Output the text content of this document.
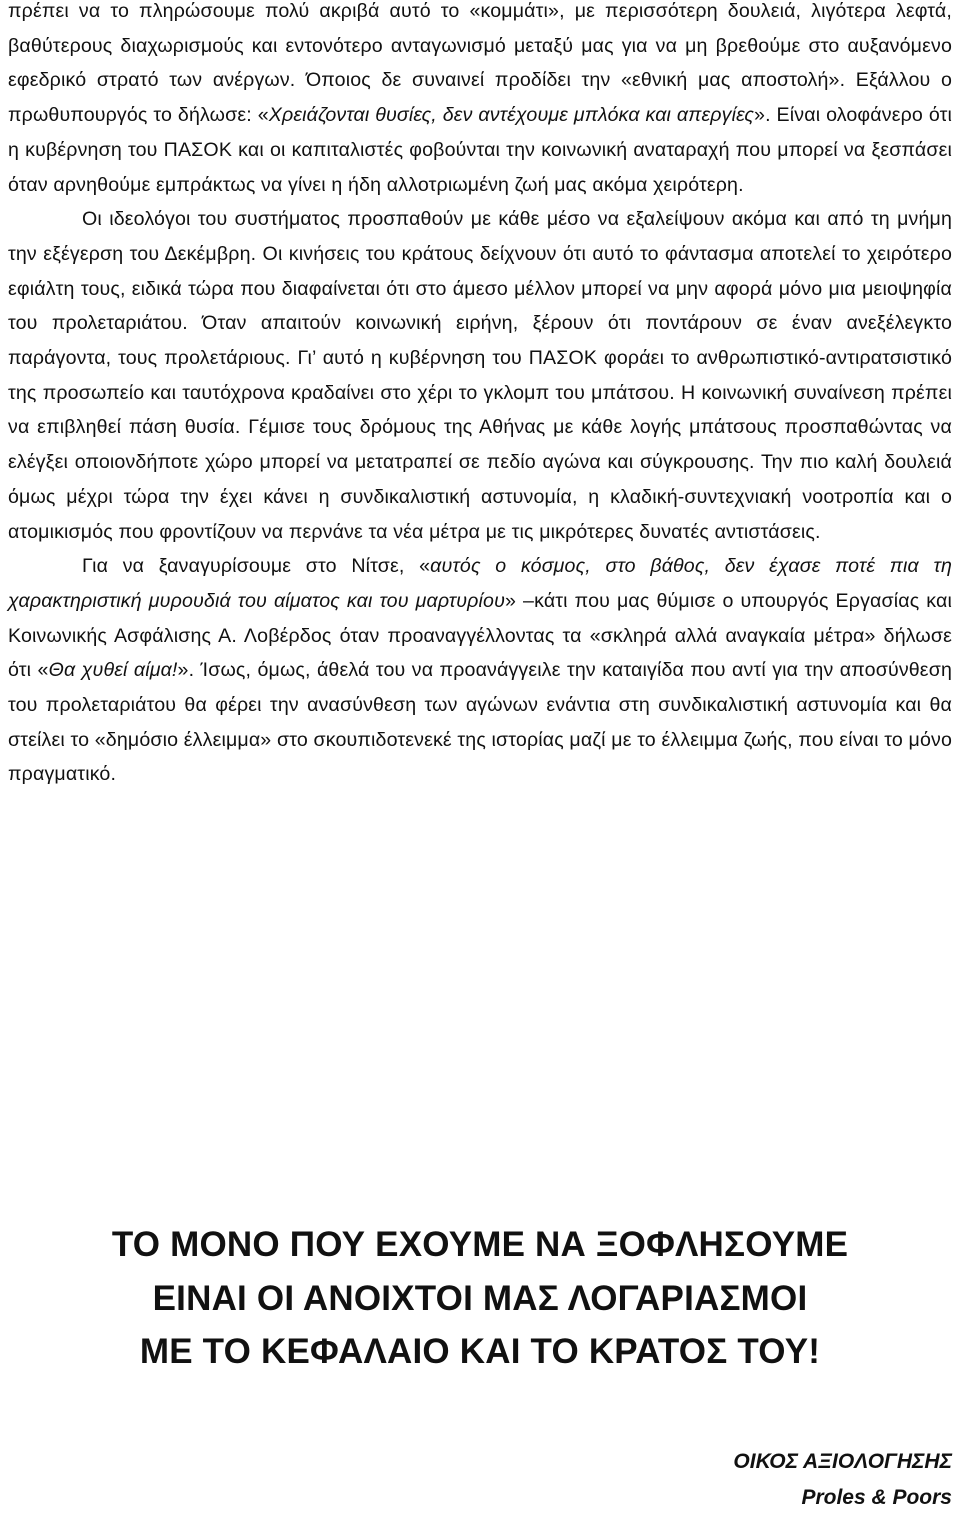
πρέπει να το πληρώσουμε πολύ ακριβά αυτό το «κομμάτι», με περισσότερη δουλειά, λιγότερα λεφτά, βαθύτερους διαχωρισμούς και εντονότερο ανταγωνισμό μεταξύ μας για να μη βρεθούμε στο αυξανόμενο εφεδρικό στρατό των ανέργων. Όποιος δε συναινεί προδίδει την «εθνική μας αποστολή». Εξάλλου ο πρωθυπουργός το δήλωσε: «Χρειάζονται θυσίες, δεν αντέχουμε μπλόκα και απεργίες». Είναι ολοφάνερο ότι η κυβέρνηση του ΠΑΣΟΚ και οι καπιταλιστές φοβούνται την κοινωνική αναταραχή που μπορεί να ξεσπάσει όταν αρνηθούμε εμπράκτως να γίνει η ήδη αλλοτριωμένη ζωή μας ακόμα χειρότερη.

Οι ιδεολόγοι του συστήματος προσπαθούν με κάθε μέσο να εξαλείψουν ακόμα και από τη μνήμη την εξέγερση του Δεκέμβρη. Οι κινήσεις του κράτους δείχνουν ότι αυτό το φάντασμα αποτελεί το χειρότερο εφιάλτη τους, ειδικά τώρα που διαφαίνεται ότι στο άμεσο μέλλον μπορεί να μην αφορά μόνο μια μειοψηφία του προλεταριάτου. Όταν απαιτούν κοινωνική ειρήνη, ξέρουν ότι ποντάρουν σε έναν ανεξέλεγκτο παράγοντα, τους προλετάριους. Γι’ αυτό η κυβέρνηση του ΠΑΣΟΚ φοράει το ανθρωπιστικό-αντιρατσιστικό της προσωπείο και ταυτόχρονα κραδαίνει στο χέρι το γκλομπ του μπάτσου. Η κοινωνική συναίνεση πρέπει να επιβληθεί πάση θυσία. Γέμισε τους δρόμους της Αθήνας με κάθε λογής μπάτσους προσπαθώντας να ελέγξει οποιονδήποτε χώρο μπορεί να μετατραπεί σε πεδίο αγώνα και σύγκρουσης. Την πιο καλή δουλειά όμως μέχρι τώρα την έχει κάνει η συνδικαλιστική αστυνομία, η κλαδική-συντεχνιακή νοοτροπία και ο ατομικισμός που φροντίζουν να περνάνε τα νέα μέτρα με τις μικρότερες δυνατές αντιστάσεις.

Για να ξαναγυρίσουμε στο Νίτσε, «αυτός ο κόσμος, στο βάθος, δεν έχασε ποτέ πια τη χαρακτηριστική μυρουδιά του αίματος και του μαρτυρίου» –κάτι που μας θύμισε ο υπουργός Εργασίας και Κοινωνικής Ασφάλισης Α. Λοβέρδος όταν προαναγγέλλοντας τα «σκληρά αλλά αναγκαία μέτρα» δήλωσε ότι «Θα χυθεί αίμα!». Ίσως, όμως, άθελά του να προανάγγειλε την καταιγίδα που αντί για την αποσύνθεση του προλεταριάτου θα φέρει την ανασύνθεση των αγώνων ενάντια στη συνδικαλιστική αστυνομία και θα στείλει το «δημόσιο έλλειμμα» στο σκουπιδοτενεκέ της ιστορίας μαζί με το έλλειμμα ζωής, που είναι το μόνο πραγματικό.

ΤΟ ΜΟΝΟ ΠΟΥ ΕΧΟΥΜΕ ΝΑ ΞΟΦΛΗΣΟΥΜΕ
ΕΙΝΑΙ ΟΙ ΑΝΟΙΧΤΟΙ ΜΑΣ ΛΟΓΑΡΙΑΣΜΟΙ
ΜΕ ΤΟ ΚΕΦΑΛΑΙΟ ΚΑΙ ΤΟ ΚΡΑΤΟΣ ΤΟΥ!
ΟΙΚΟΣ ΑΞΙΟΛΟΓΗΣΗΣ
Proles & Poors
